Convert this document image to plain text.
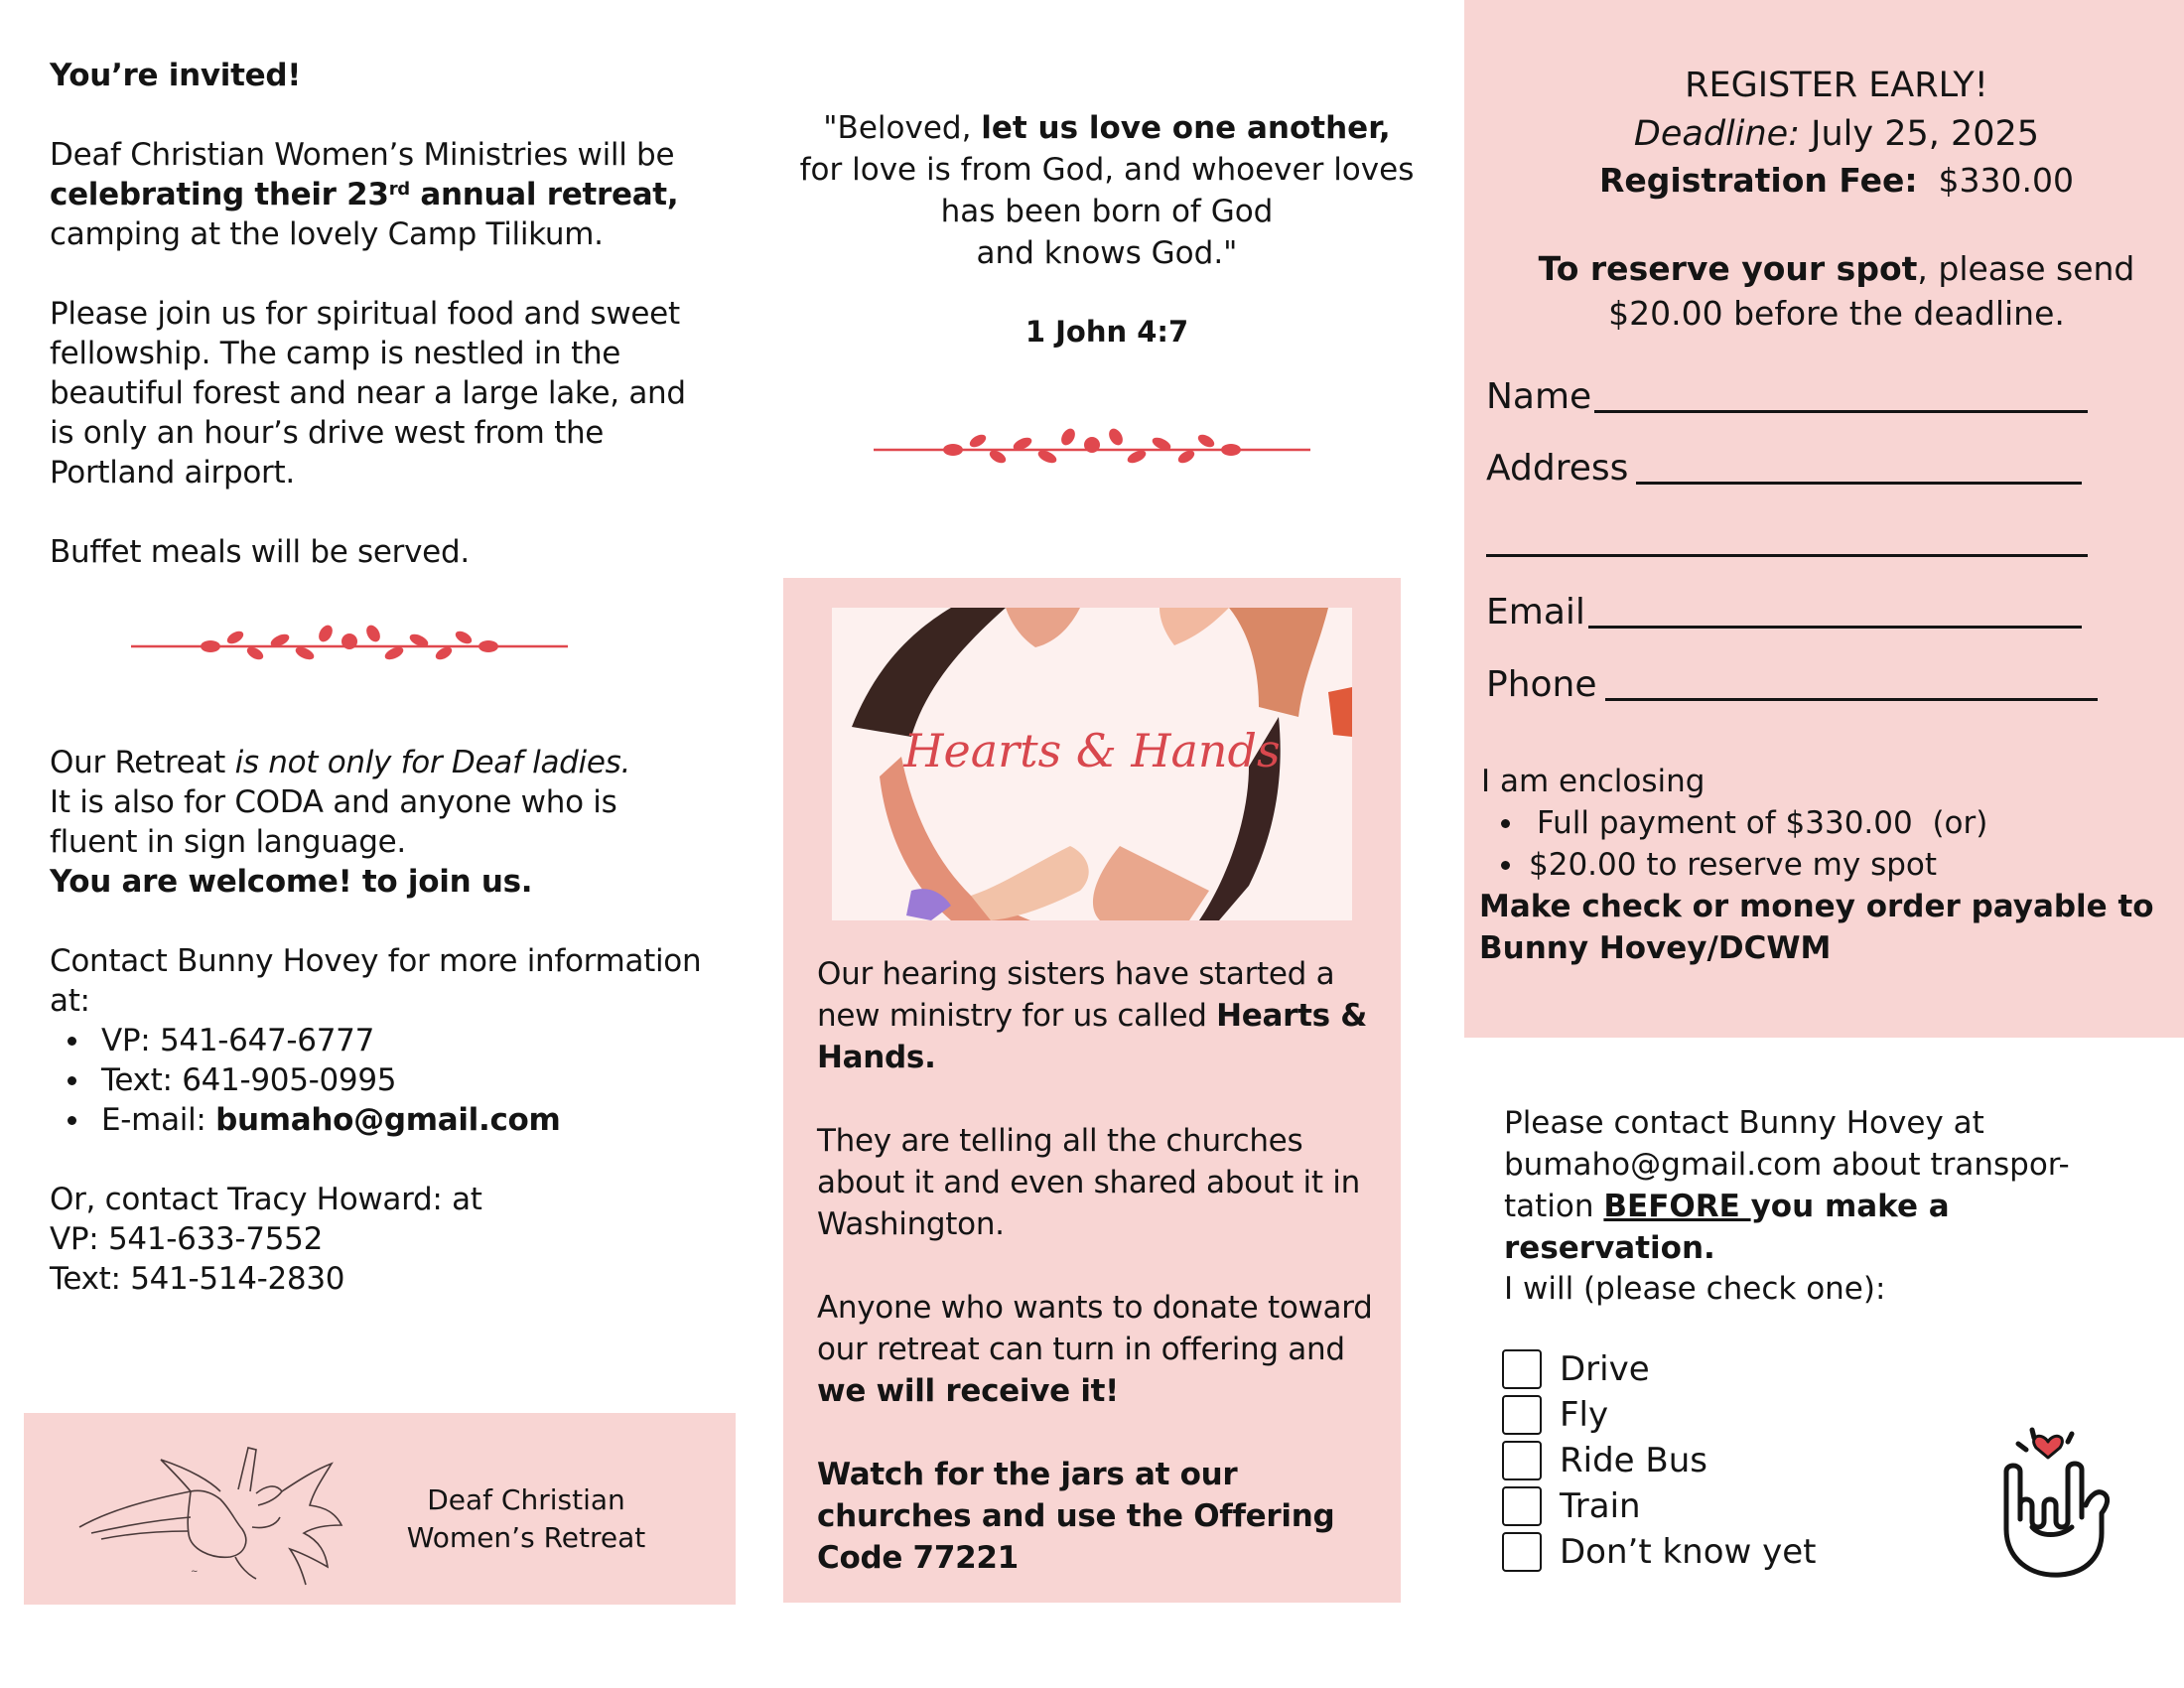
You’re invited!

Deaf Christian Women’s Ministries will be
celebrating their 23rd annual retreat,
camping at the lovely Camp Tilikum.

Please join us for spiritual food and sweet fellowship. The camp is nestled in the beautiful forest and near a large lake, and is only an hour’s drive west from the Portland airport.

Buffet meals will be served.

Our Retreat is not only for Deaf ladies.
It is also for CODA and anyone who is fluent in sign language.
You are welcome! to join us.

Contact Bunny Hovey for more information at:

VP: 541-647-6777
Text: 641-905-0995
E-mail: bumaho@gmail.com

Or, contact Tracy Howard: at
VP: 541-633-7552
Text: 541-514-2830

~
Deaf Christian
Women’s Retreat
"Beloved, let us love one another,
for love is from God, and whoever loves
has been born of God
and knows God."
1 John 4:7
Hearts & Hands

Our hearing sisters have started a new ministry for us called Hearts & Hands.

They are telling all the churches about it and even shared about it in Washington.

Anyone who wants to donate toward our retreat can turn in offering and we will receive it!

Watch for the jars at our churches and use the Offering Code 77221

REGISTER EARLY!
Deadline: July 25, 2025
Registration Fee:  $330.00
To reserve your spot, please send
$20.00 before the deadline.
Name
Address
Email
Phone
I am enclosing
Full payment of $330.00  (or)
$20.00 to reserve my spot
Make check or money order payable to Bunny Hovey/DCWM
Please contact Bunny Hovey at bumaho@gmail.com about transpor-tation BEFORE you make a reservation.
I will (please check one):
Drive
Fly
Ride Bus
Train
Don’t know yet
